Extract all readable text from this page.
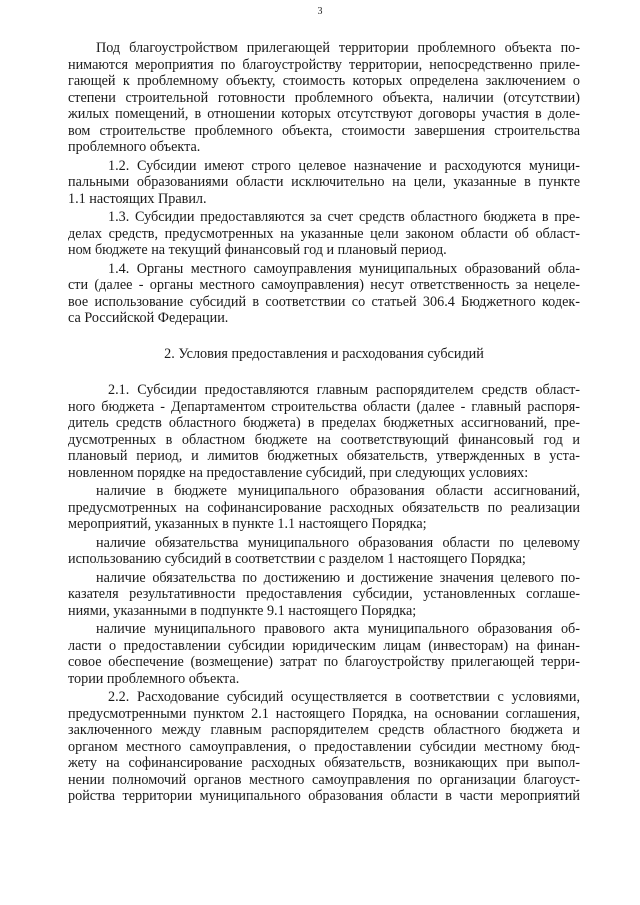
3
Под благоустройством прилегающей территории проблемного объекта по-
нимаются мероприятия по благоустройству территории, непосредственно приле-
гающей к проблемному объекту, стоимость которых определена заключением о
степени строительной готовности проблемного объекта, наличии (отсутствии)
жилых помещений, в отношении которых отсутствуют договоры участия в доле-
вом строительстве проблемного объекта, стоимости завершения строительства
проблемного объекта.
1.2. Субсидии имеют строго целевое назначение и расходуются муници-
пальными образованиями области исключительно на цели, указанные в пункте
1.1 настоящих Правил.
1.3. Субсидии предоставляются за счет средств областного бюджета в пре-
делах средств, предусмотренных на указанные цели законом области об област-
ном бюджете на текущий финансовый год и плановый период.
1.4. Органы местного самоуправления муниципальных образований обла-
сти (далее - органы местного самоуправления) несут ответственность за нецеле-
вое использование субсидий в соответствии со статьей 306.4 Бюджетного кодек-
са Российской Федерации.
2. Условия предоставления и расходования субсидий
2.1. Субсидии предоставляются главным распорядителем средств област-
ного бюджета - Департаментом строительства области (далее - главный распоря-
дитель средств областного бюджета) в пределах бюджетных ассигнований, пре-
дусмотренных в областном бюджете на соответствующий финансовый год и
плановый период, и лимитов бюджетных обязательств, утвержденных в уста-
новленном порядке на предоставление субсидий, при следующих условиях:
наличие в бюджете муниципального образования области ассигнований,
предусмотренных на софинансирование расходных обязательств по реализации
мероприятий, указанных в пункте 1.1 настоящего Порядка;
наличие обязательства муниципального образования области по целевому
использованию субсидий в соответствии с разделом 1 настоящего Порядка;
наличие обязательства по достижению и достижение значения целевого по-
казателя результативности предоставления субсидии, установленных соглаше-
ниями, указанными в подпункте 9.1 настоящего Порядка;
наличие муниципального правового акта муниципального образования об-
ласти о предоставлении субсидии юридическим лицам (инвесторам) на финан-
совое обеспечение (возмещение) затрат по благоустройству прилегающей терри-
тории проблемного объекта.
2.2. Расходование субсидий осуществляется в соответствии с условиями,
предусмотренными пунктом 2.1 настоящего Порядка, на основании соглашения,
заключенного между главным распорядителем средств областного бюджета и
органом местного самоуправления, о предоставлении субсидии местному бюд-
жету на софинансирование расходных обязательств, возникающих при выпол-
нении полномочий органов местного самоуправления по организации благоуст-
ройства территории муниципального образования области в части мероприятий
